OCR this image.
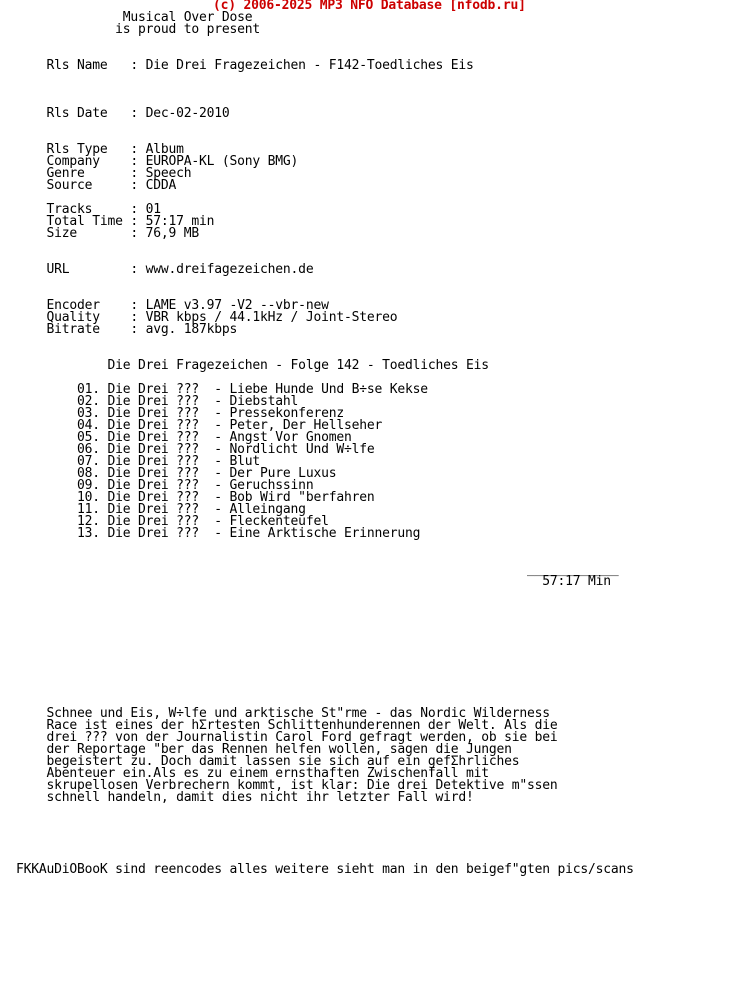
(c) 2006-2025 MP3 NFO Database [nfodb.ru]
Musical Over Dose
is proud to present
Rls Name   : Die Drei Fragezeichen - F142-Toedliches Eis
Rls Date   : Dec-02-2010
Rls Type   : Album
Company    : EUROPA-KL (Sony BMG)
Genre      : Speech
Source     : CDDA
Tracks     : 01
Total Time : 57:17 min
Size       : 76,9 MB
URL        : www.dreifagezeichen.de
Encoder    : LAME v3.97 -V2 --vbr-new
Quality    : VBR kbps / 44.1kHz / Joint-Stereo
Bitrate    : avg. 187kbps
Die Drei Fragezeichen - Folge 142 - Toedliches Eis
01. Die Drei ???  - Liebe Hunde Und B÷se Kekse
02. Die Drei ???  - Diebstahl
03. Die Drei ???  - Pressekonferenz
04. Die Drei ???  - Peter, Der Hellseher
05. Die Drei ???  - Angst Vor Gnomen
06. Die Drei ???  - Nordlicht Und W÷lfe
07. Die Drei ???  - Blut
08. Die Drei ???  - Der Pure Luxus
09. Die Drei ???  - Geruchssinn
10. Die Drei ???  - Bob Wird "berfahren
11. Die Drei ???  - Alleingang
12. Die Drei ???  - Fleckenteufel
13. Die Drei ???  - Eine Arktische Erinnerung
____________
57:17 Min
Schnee und Eis, W÷lfe und arktische St"rme - das Nordic Wilderness
Race ist eines der hΣrtesten Schlittenhunderennen der Welt. Als die
drei ??? von der Journalistin Carol Ford gefragt werden, ob sie bei
der Reportage "ber das Rennen helfen wollen, sagen die Jungen
begeistert zu. Doch damit lassen sie sich auf ein gefΣhrliches
Abenteuer ein.Als es zu einem ernsthaften Zwischenfall mit
skrupellosen Verbrechern kommt, ist klar: Die drei Detektive m"ssen
schnell handeln, damit dies nicht ihr letzter Fall wird!
FKKAuDiOBooK sind reencodes alles weitere sieht man in den beigef"gten pics/scans
